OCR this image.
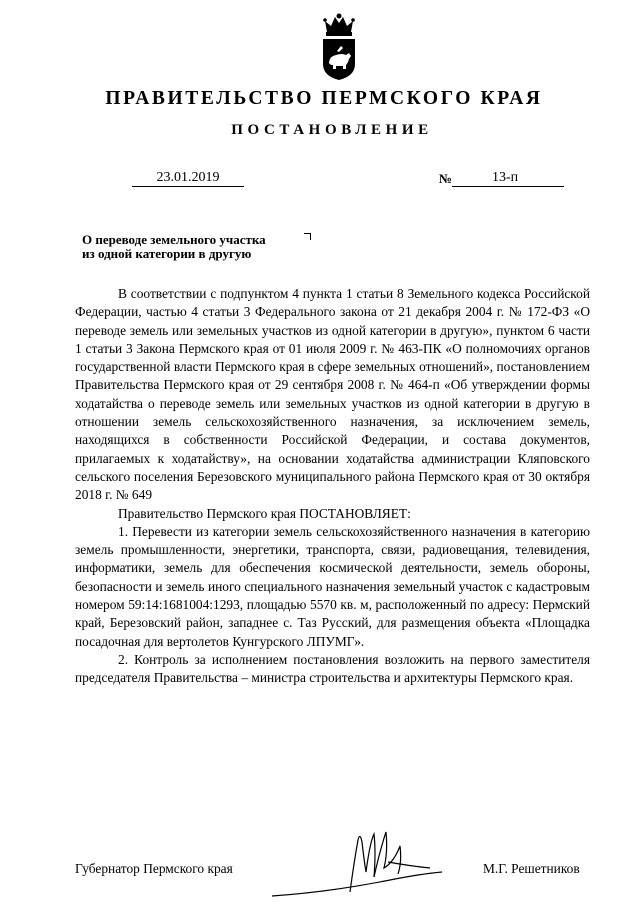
ПРАВИТЕЛЬСТВО ПЕРМСКОГО КРАЯ
ПОСТАНОВЛЕНИЕ
23.01.2019	№	13-п
О переводе земельного участка
из одной категории в другую

В соответствии с подпунктом 4 пункта 1 статьи 8 Земельного кодекса Российской Федерации, частью 4 статьи 3 Федерального закона от 21 декабря 2004 г. № 172-ФЗ «О переводе земель или земельных участков из одной категории в другую», пунктом 6 части 1 статьи 3 Закона Пермского края от 01 июля 2009 г. № 463-ПК «О полномочиях органов государственной власти Пермского края в сфере земельных отношений», постановлением Правительства Пермского края от 29 сентября 2008 г. № 464-п «Об утверждении формы ходатайства о переводе земель или земельных участков из одной категории в другую в отношении земель сельскохозяйственного назначения, за исключением земель, находящихся в собственности Российской Федерации, и состава документов, прилагаемых к ходатайству», на основании ходатайства администрации Кляповского сельского поселения Березовского муниципального района Пермского края от 30 октября 2018 г. № 649

Правительство Пермского края ПОСТАНОВЛЯЕТ:

1. Перевести из категории земель сельскохозяйственного назначения в категорию земель промышленности, энергетики, транспорта, связи, радиовещания, телевидения, информатики, земель для обеспечения космической деятельности, земель обороны, безопасности и земель иного специального назначения земельный участок с кадастровым номером 59:14:1681004:1293, площадью 5570 кв. м, расположенный по адресу: Пермский край, Березовский район, западнее с. Таз Русский, для размещения объекта «Площадка посадочная для вертолетов Кунгурского ЛПУМГ».

2. Контроль за исполнением постановления возложить на первого заместителя председателя Правительства – министра строительства и архитектуры Пермского края.

Губернатор Пермского края	М.Г. Решетников
